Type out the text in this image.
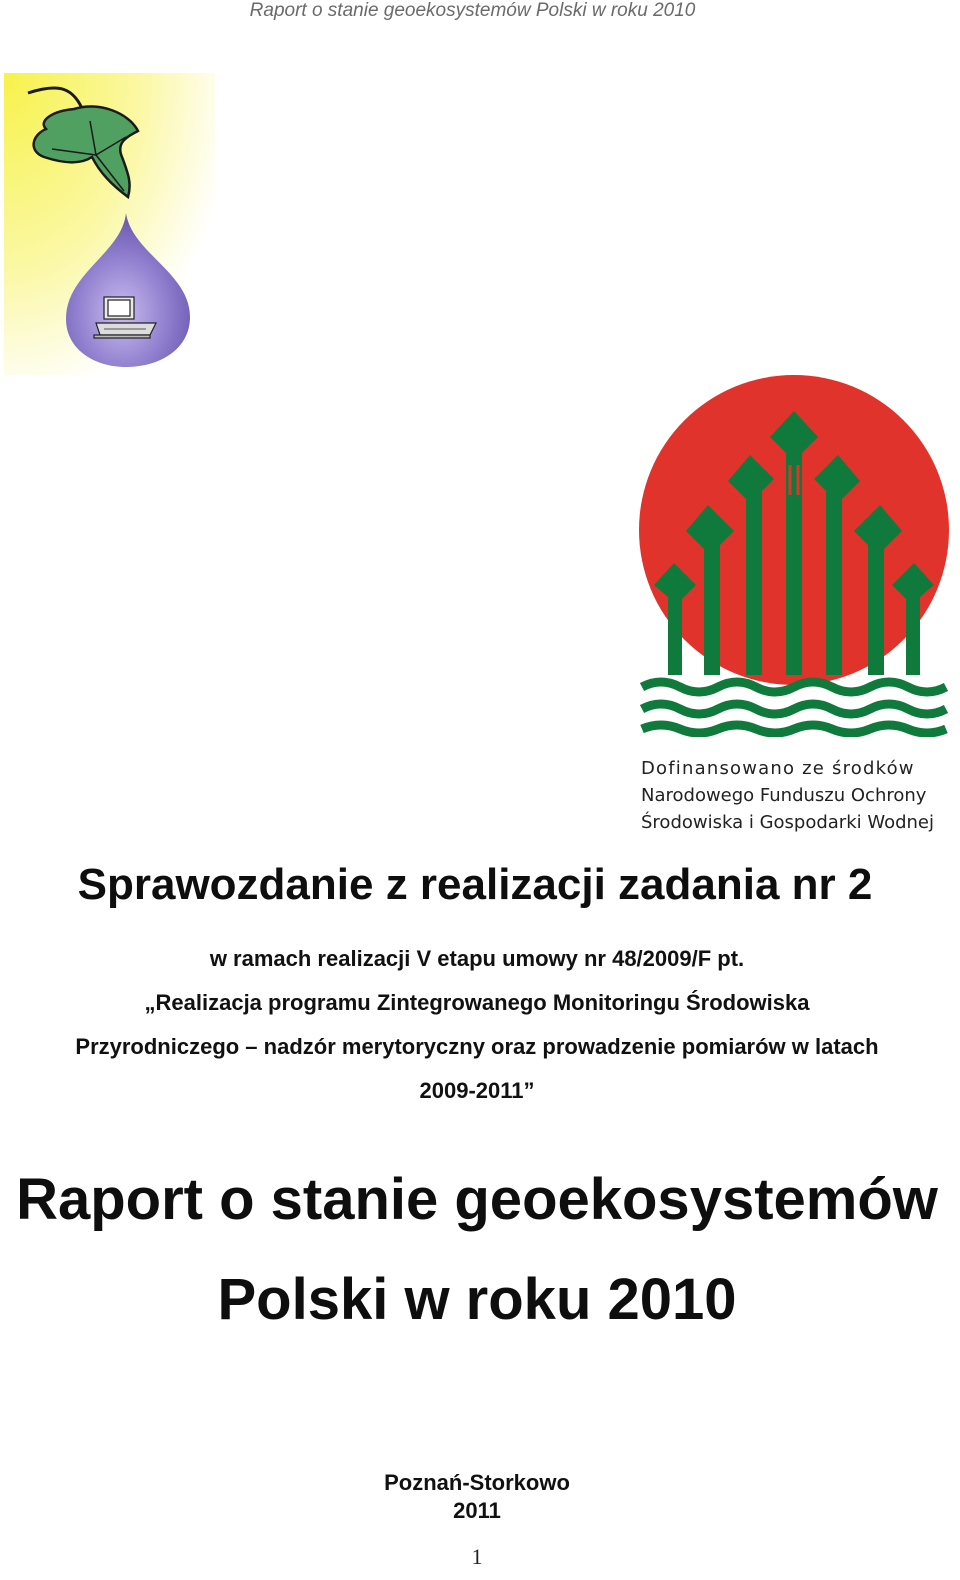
Raport o stanie geoekosystemów Polski w roku 2010
Dofinansowano ze środków
Narodowego Funduszu Ochrony
Środowiska i Gospodarki Wodnej
Sprawozdanie z realizacji zadania nr 2
w ramach realizacji V etapu umowy nr 48/2009/F pt.
„Realizacja programu Zintegrowanego Monitoringu Środowiska
Przyrodniczego – nadzór merytoryczny oraz prowadzenie pomiarów w latach
2009-2011”
Raport o stanie geoekosystemów
Polski w roku 2010
Poznań-Storkowo
2011
1
